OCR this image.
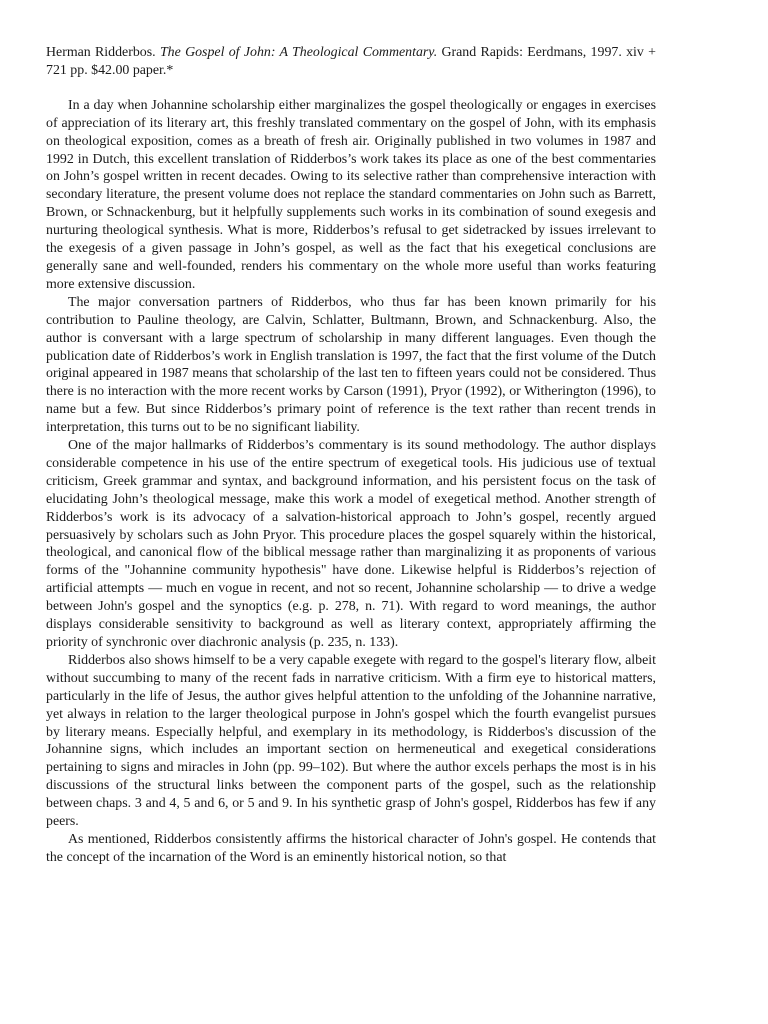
Herman Ridderbos. The Gospel of John: A Theological Commentary. Grand Rapids: Eerdmans, 1997. xiv + 721 pp. $42.00 paper.*

In a day when Johannine scholarship either marginalizes the gospel theologically or engages in exercises of appreciation of its literary art, this freshly translated commentary on the gospel of John, with its emphasis on theological exposition, comes as a breath of fresh air. Originally published in two volumes in 1987 and 1992 in Dutch, this excellent translation of Ridderbos’s work takes its place as one of the best commentaries on John’s gospel written in recent decades. Owing to its selective rather than comprehensive interaction with secondary literature, the present volume does not replace the standard commentaries on John such as Barrett, Brown, or Schnackenburg, but it helpfully supplements such works in its combination of sound exegesis and nurturing theological synthesis. What is more, Ridderbos’s refusal to get sidetracked by issues irrelevant to the exegesis of a given passage in John’s gospel, as well as the fact that his exegetical conclusions are generally sane and well-founded, renders his commentary on the whole more useful than works featuring more extensive discussion.

The major conversation partners of Ridderbos, who thus far has been known primarily for his contribution to Pauline theology, are Calvin, Schlatter, Bultmann, Brown, and Schnackenburg. Also, the author is conversant with a large spectrum of scholarship in many different languages. Even though the publication date of Ridderbos’s work in English translation is 1997, the fact that the first volume of the Dutch original appeared in 1987 means that scholarship of the last ten to fifteen years could not be considered. Thus there is no interaction with the more recent works by Carson (1991), Pryor (1992), or Witherington (1996), to name but a few. But since Ridderbos’s primary point of reference is the text rather than recent trends in interpretation, this turns out to be no significant liability.

One of the major hallmarks of Ridderbos’s commentary is its sound methodology. The author displays considerable competence in his use of the entire spectrum of exegetical tools. His judicious use of textual criticism, Greek grammar and syntax, and background information, and his persistent focus on the task of elucidating John’s theological message, make this work a model of exegetical method. Another strength of Ridderbos’s work is its advocacy of a salvation-historical approach to John’s gospel, recently argued persuasively by scholars such as John Pryor. This procedure places the gospel squarely within the historical, theological, and canonical flow of the biblical message rather than marginalizing it as proponents of various forms of the "Johannine community hypothesis" have done. Likewise helpful is Ridderbos’s rejection of artificial attempts — much en vogue in recent, and not so recent, Johannine scholarship — to drive a wedge between John's gospel and the synoptics (e.g. p. 278, n. 71). With regard to word meanings, the author displays considerable sensitivity to background as well as literary context, appropriately affirming the priority of synchronic over diachronic analysis (p. 235, n. 133).

Ridderbos also shows himself to be a very capable exegete with regard to the gospel's literary flow, albeit without succumbing to many of the recent fads in narrative criticism. With a firm eye to historical matters, particularly in the life of Jesus, the author gives helpful attention to the unfolding of the Johannine narrative, yet always in relation to the larger theological purpose in John's gospel which the fourth evangelist pursues by literary means. Especially helpful, and exemplary in its methodology, is Ridderbos's discussion of the Johannine signs, which includes an important section on hermeneutical and exegetical considerations pertaining to signs and miracles in John (pp. 99–102). But where the author excels perhaps the most is in his discussions of the structural links between the component parts of the gospel, such as the relationship between chaps. 3 and 4, 5 and 6, or 5 and 9. In his synthetic grasp of John's gospel, Ridderbos has few if any peers.

As mentioned, Ridderbos consistently affirms the historical character of John's gospel. He contends that the concept of the incarnation of the Word is an eminently historical notion, so that
